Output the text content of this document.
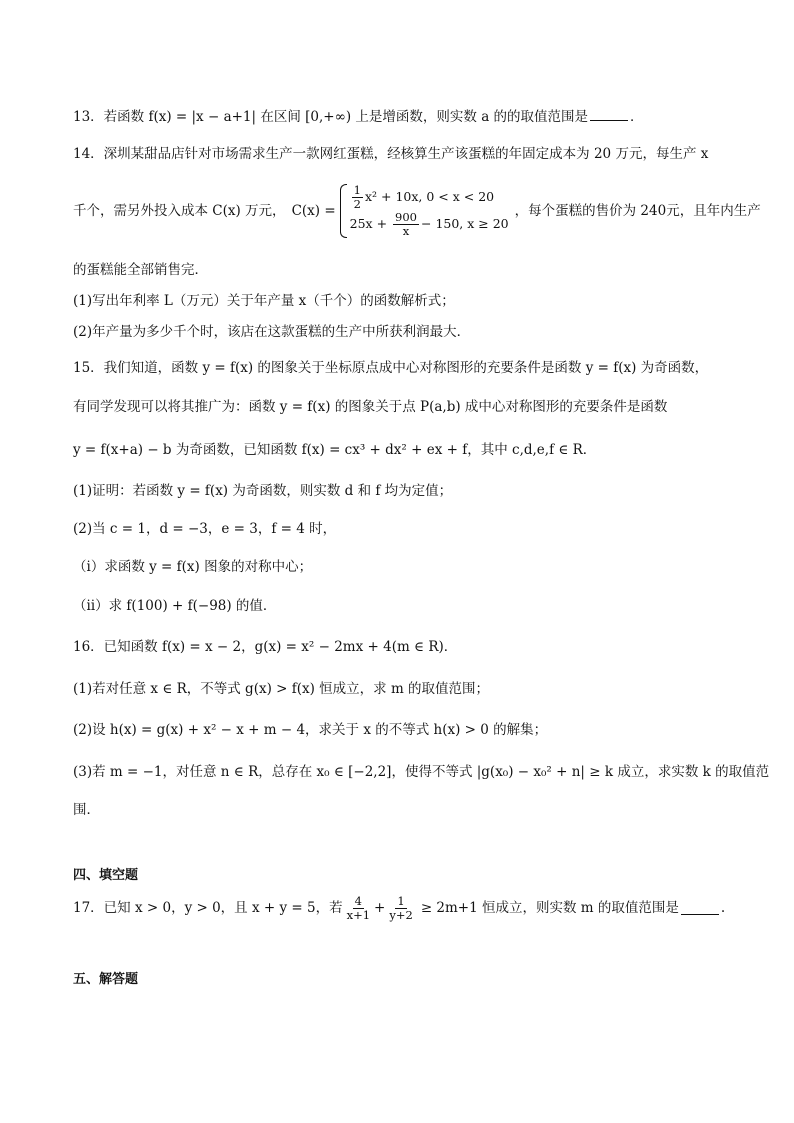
13．若函数 f(x) = |x − a+1| 在区间 [0,+∞) 上是增函数，则实数 a 的的取值范围是	．
14．深圳某甜品店针对市场需求生产一款网红蛋糕，经核算生产该蛋糕的年固定成本为 20 万元，每生产 x
千个，需另外投入成本 C(x) 万元， $C(x) = \frac{1}{2} x^2 + 10x$, 0 < x < 20
$25x + \frac{900}{x} - 150$, x ≥ 20
，每个蛋糕的售价为 240元，且年内生产
的蛋糕能全部销售完．
(1)写出年利率 L（万元）关于年产量 x（千个）的函数解析式；
(2)年产量为多少千个时，该店在这款蛋糕的生产中所获利润最大．
15．我们知道，函数 y = f(x) 的图象关于坐标原点成中心对称图形的充要条件是函数 y = f(x) 为奇函数，
有同学发现可以将其推广为：函数 y = f(x) 的图象关于点 P(a,b) 成中心对称图形的充要条件是函数
y = f(x+a) − b 为奇函数，已知函数 f(x) = cx³ + dx² + ex + f，其中 c,d,e,f ∈ R．
(1)证明：若函数 y = f(x) 为奇函数，则实数 d 和 f 均为定值；
(2)当 c = 1，d = −3，e = 3，f = 4 时，
（ⅰ）求函数 y = f(x) 图象的对称中心；
（ⅱ）求 f(100) + f(−98) 的值．
16．已知函数 f(x) = x − 2，g(x) = x² − 2mx + 4(m ∈ R)．
(1)若对任意 x ∈ R，不等式 g(x) > f(x) 恒成立，求 m 的取值范围；
(2)设 h(x) = g(x) + x² − x + m − 4，求关于 x 的不等式 h(x) > 0 的解集；
(3)若 m = −1，对任意 n ∈ R，总存在 x₀ ∈ [−2,2]，使得不等式 |g(x₀) − x₀² + n| ≥ k 成立，求实数 k 的取值范
围．
四、填空题
17．已知 x > 0，y > 0，且 x + y = 5，若 $\frac{4}{x+1} + \frac{1}{y+2} \ge 2m+1$ 恒成立，则实数 m 的取值范围是	.
五、解答题
